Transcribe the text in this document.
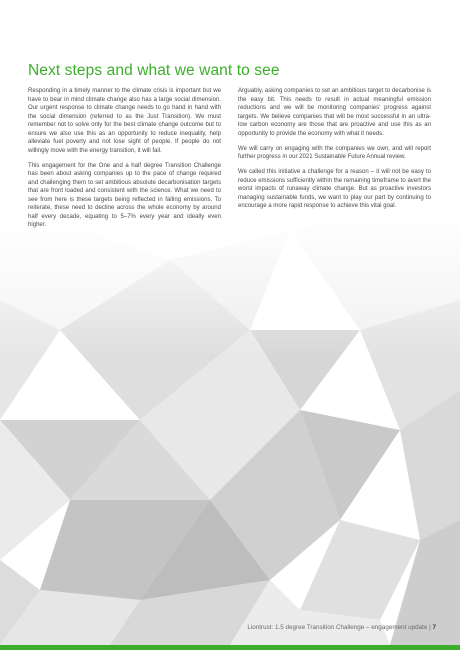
Next steps and what we want to see

Responding in a timely manner to the climate crisis is important but we have to bear in mind climate change also has a large social dimension. Our urgent response to climate change needs to go hand in hand with the social dimension (referred to as the Just Transition). We must remember not to solve only for the best climate change outcome but to ensure we also use this as an opportunity to reduce inequality, help alleviate fuel poverty and not lose sight of people. If people do not willingly move with the energy transition, it will fail.

This engagement for the One and a half degree Transition Challenge has been about asking companies up to the pace of change required and challenging them to set ambitious absolute decarbonisation targets that are front loaded and consistent with the science. What we need to see from here is these targets being reflected in falling emissions. To reiterate, these need to decline across the whole economy by around half every decade, equating to 5–7% every year and ideally even higher.

Arguably, asking companies to set an ambitious target to decarbonise is the easy bit. This needs to result in actual meaningful emission reductions and we will be monitoring companies' progress against targets. We believe companies that will be most successful in an ultra-low carbon economy are those that are proactive and use this as an opportunity to provide the economy with what it needs.

We will carry on engaging with the companies we own, and will report further progress in our 2021 Sustainable Future Annual review.

We called this initiative a challenge for a reason – it will not be easy to reduce emissions sufficiently within the remaining timeframe to avert the worst impacts of runaway climate change. But as proactive investors managing sustainable funds, we want to play our part by continuing to encourage a more rapid response to achieve this vital goal.

Liontrust: 1.5 degree Transition Challenge – engagement update | 7
